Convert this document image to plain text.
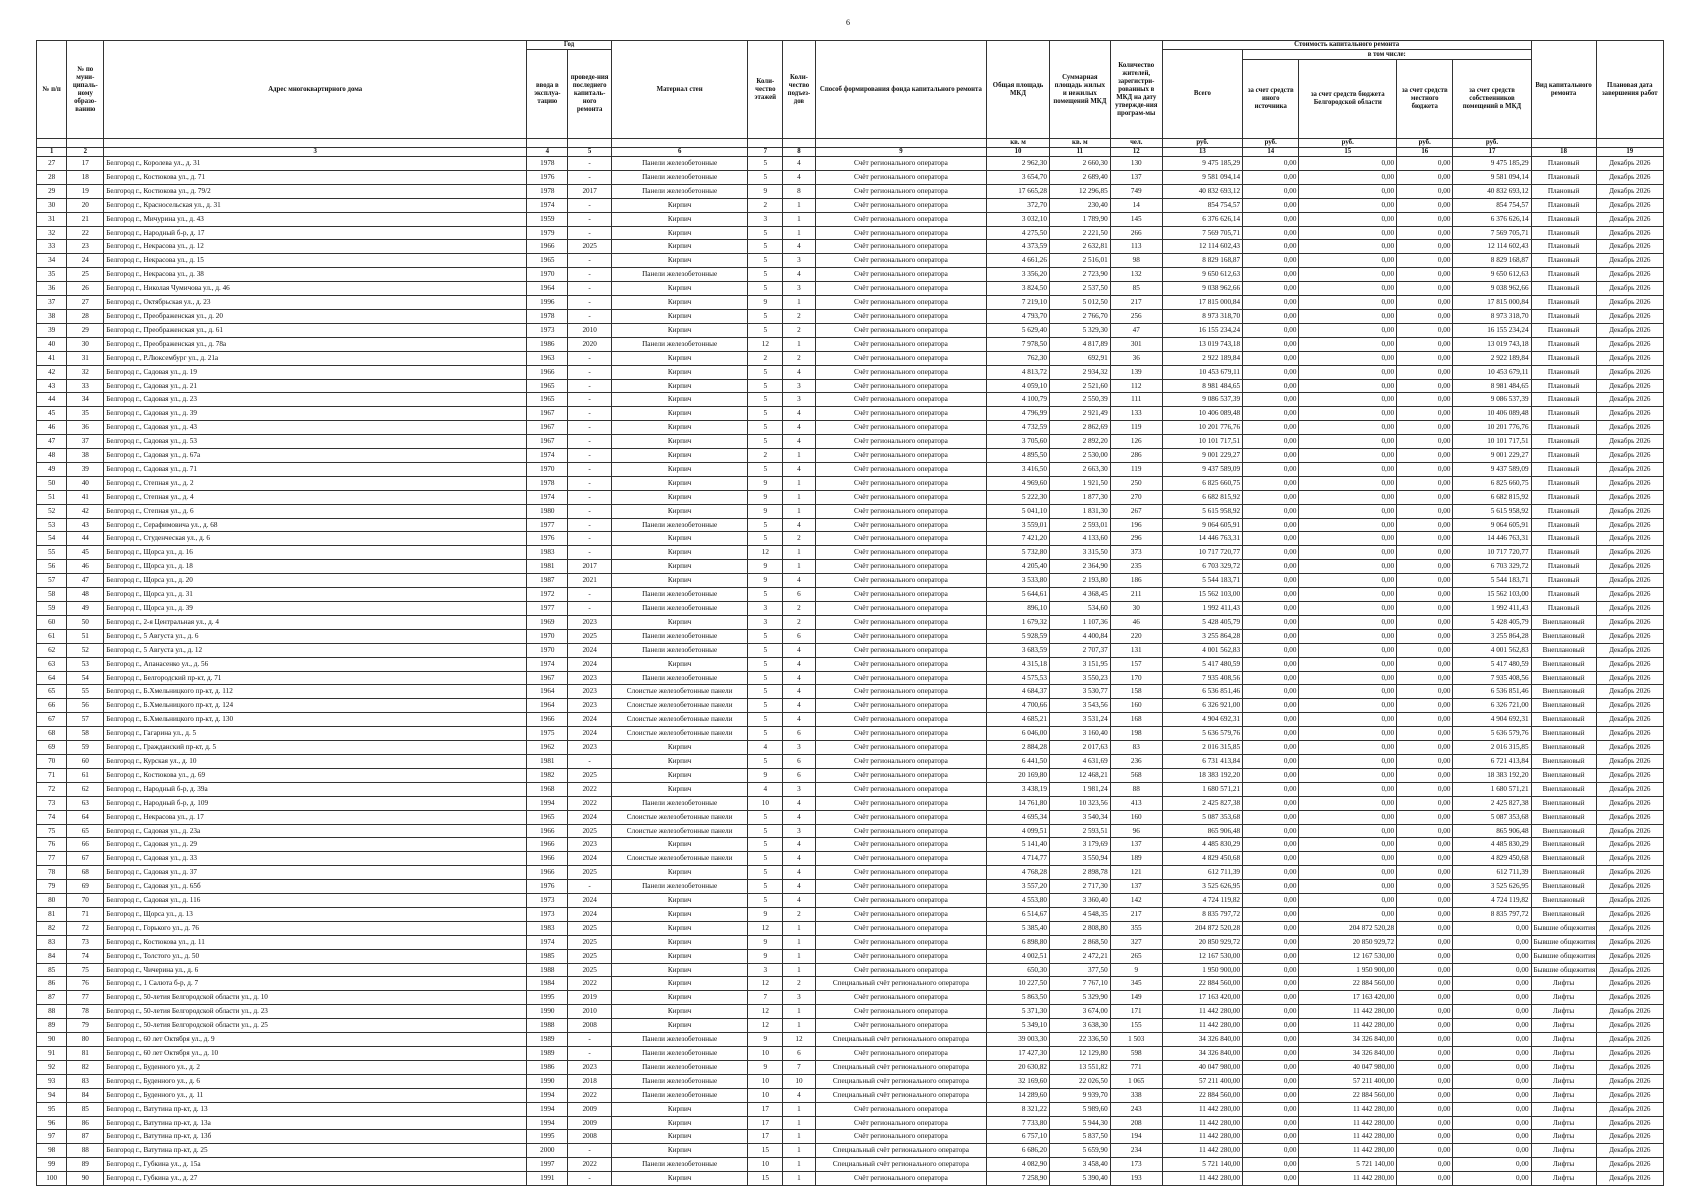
6
№ п/п	№ по муни-ципаль-ному образо-ванию	Адрес многоквартирного дома	Год		Материал стен	Коли-чество этажей	Коли-чество подъез-дов	Способ формирования фонда капитального ремонта	Общая площадь МКД	Суммарная площадь жилых и нежилых помещений МКД	Количество жителей, зарегистри-рованных в МКД на дату утвержде-ния програм-мы	Стоимость капитального ремонта					Вид капитального ремонта	Плановая дата завершения работ
			ввода в эксплуа-тацию	проведе-ния последнего капиталь-ного ремонта								Всего	в том числе:					
													за счет средств иного источника	за счет средств бюджета Белгородской области	за счет средств местного бюджета	за счет средств собственников помещений в МКД		
									кв. м	кв. м	чел.	руб.	руб.	руб.	руб.	руб.		
1	2	3	4	5	6	7	8	9	10	11	12	13	14	15	16	17	18	19
27	17	Белгород г., Королева ул., д. 31	1978	-	Панели железобетонные	5	4	Счёт регионального оператора	2 962,30	2 660,30	130	9 475 185,29	0,00	0,00	0,00	9 475 185,29	Плановый	Декабрь 2026
28	18	Белгород г., Костюкова ул., д. 71	1976	-	Панели железобетонные	5	4	Счёт регионального оператора	3 654,70	2 689,40	137	9 581 094,14	0,00	0,00	0,00	9 581 094,14	Плановый	Декабрь 2026
29	19	Белгород г., Костюкова ул., д. 79/2	1978	2017	Панели железобетонные	9	8	Счёт регионального оператора	17 665,28	12 296,85	749	40 832 693,12	0,00	0,00	0,00	40 832 693,12	Плановый	Декабрь 2026
30	20	Белгород г., Красносельская ул., д. 31	1974	-	Кирпич	2	1	Счёт регионального оператора	372,70	230,40	14	854 754,57	0,00	0,00	0,00	854 754,57	Плановый	Декабрь 2026
31	21	Белгород г., Мичурина ул., д. 43	1959	-	Кирпич	3	1	Счёт регионального оператора	3 032,10	1 789,90	145	6 376 626,14	0,00	0,00	0,00	6 376 626,14	Плановый	Декабрь 2026
32	22	Белгород г., Народный б-р, д. 17	1979	-	Кирпич	5	1	Счёт регионального оператора	4 275,50	2 221,50	266	7 569 705,71	0,00	0,00	0,00	7 569 705,71	Плановый	Декабрь 2026
33	23	Белгород г., Некрасова ул., д. 12	1966	2025	Кирпич	5	4	Счёт регионального оператора	4 373,59	2 632,81	113	12 114 602,43	0,00	0,00	0,00	12 114 602,43	Плановый	Декабрь 2026
34	24	Белгород г., Некрасова ул., д. 15	1965	-	Кирпич	5	3	Счёт регионального оператора	4 661,26	2 516,01	98	8 829 168,87	0,00	0,00	0,00	8 829 168,87	Плановый	Декабрь 2026
35	25	Белгород г., Некрасова ул., д. 38	1970	-	Панели железобетонные	5	4	Счёт регионального оператора	3 356,20	2 723,90	132	9 650 612,63	0,00	0,00	0,00	9 650 612,63	Плановый	Декабрь 2026
36	26	Белгород г., Николая Чумичова ул., д. 46	1964	-	Кирпич	5	3	Счёт регионального оператора	3 824,50	2 537,50	85	9 038 962,66	0,00	0,00	0,00	9 038 962,66	Плановый	Декабрь 2026
37	27	Белгород г., Октябрьская ул., д. 23	1996	-	Кирпич	9	1	Счёт регионального оператора	7 219,10	5 012,50	217	17 815 000,84	0,00	0,00	0,00	17 815 000,84	Плановый	Декабрь 2026
38	28	Белгород г., Преображенская ул., д. 20	1978	-	Кирпич	5	2	Счёт регионального оператора	4 793,70	2 766,70	256	8 973 318,70	0,00	0,00	0,00	8 973 318,70	Плановый	Декабрь 2026
39	29	Белгород г., Преображенская ул., д. 61	1973	2010	Кирпич	5	2	Счёт регионального оператора	5 629,40	5 329,30	47	16 155 234,24	0,00	0,00	0,00	16 155 234,24	Плановый	Декабрь 2026
40	30	Белгород г., Преображенская ул., д. 78а	1986	2020	Панели железобетонные	12	1	Счёт регионального оператора	7 978,50	4 817,89	301	13 019 743,18	0,00	0,00	0,00	13 019 743,18	Плановый	Декабрь 2026
41	31	Белгород г., Р.Люксембург ул., д. 21а	1963	-	Кирпич	2	2	Счёт регионального оператора	762,30	692,91	36	2 922 189,84	0,00	0,00	0,00	2 922 189,84	Плановый	Декабрь 2026
42	32	Белгород г., Садовая ул., д. 19	1966	-	Кирпич	5	4	Счёт регионального оператора	4 813,72	2 934,32	139	10 453 679,11	0,00	0,00	0,00	10 453 679,11	Плановый	Декабрь 2026
43	33	Белгород г., Садовая ул., д. 21	1965	-	Кирпич	5	3	Счёт регионального оператора	4 059,10	2 521,60	112	8 981 484,65	0,00	0,00	0,00	8 981 484,65	Плановый	Декабрь 2026
44	34	Белгород г., Садовая ул., д. 23	1965	-	Кирпич	5	3	Счёт регионального оператора	4 100,79	2 550,39	111	9 086 537,39	0,00	0,00	0,00	9 086 537,39	Плановый	Декабрь 2026
45	35	Белгород г., Садовая ул., д. 39	1967	-	Кирпич	5	4	Счёт регионального оператора	4 796,99	2 921,49	133	10 406 089,48	0,00	0,00	0,00	10 406 089,48	Плановый	Декабрь 2026
46	36	Белгород г., Садовая ул., д. 43	1967	-	Кирпич	5	4	Счёт регионального оператора	4 732,59	2 862,69	119	10 201 776,76	0,00	0,00	0,00	10 201 776,76	Плановый	Декабрь 2026
47	37	Белгород г., Садовая ул., д. 53	1967	-	Кирпич	5	4	Счёт регионального оператора	3 705,60	2 892,20	126	10 101 717,51	0,00	0,00	0,00	10 101 717,51	Плановый	Декабрь 2026
48	38	Белгород г., Садовая ул., д. 67а	1974	-	Кирпич	2	1	Счёт регионального оператора	4 895,50	2 530,00	286	9 001 229,27	0,00	0,00	0,00	9 001 229,27	Плановый	Декабрь 2026
49	39	Белгород г., Садовая ул., д. 71	1970	-	Кирпич	5	4	Счёт регионального оператора	3 416,50	2 663,30	119	9 437 589,09	0,00	0,00	0,00	9 437 589,09	Плановый	Декабрь 2026
50	40	Белгород г., Степная ул., д. 2	1978	-	Кирпич	9	1	Счёт регионального оператора	4 969,60	1 921,50	250	6 825 660,75	0,00	0,00	0,00	6 825 660,75	Плановый	Декабрь 2026
51	41	Белгород г., Степная ул., д. 4	1974	-	Кирпич	9	1	Счёт регионального оператора	5 222,30	1 877,30	270	6 682 815,92	0,00	0,00	0,00	6 682 815,92	Плановый	Декабрь 2026
52	42	Белгород г., Степная ул., д. 6	1980	-	Кирпич	9	1	Счёт регионального оператора	5 041,10	1 831,30	267	5 615 958,92	0,00	0,00	0,00	5 615 958,92	Плановый	Декабрь 2026
53	43	Белгород г., Серафимовича ул., д. 68	1977	-	Панели железобетонные	5	4	Счёт регионального оператора	3 559,01	2 593,01	196	9 064 605,91	0,00	0,00	0,00	9 064 605,91	Плановый	Декабрь 2026
54	44	Белгород г., Студенческая ул., д. 6	1976	-	Кирпич	5	2	Счёт регионального оператора	7 421,20	4 133,60	296	14 446 763,31	0,00	0,00	0,00	14 446 763,31	Плановый	Декабрь 2026
55	45	Белгород г., Щорса ул., д. 16	1983	-	Кирпич	12	1	Счёт регионального оператора	5 732,80	3 315,50	373	10 717 720,77	0,00	0,00	0,00	10 717 720,77	Плановый	Декабрь 2026
56	46	Белгород г., Щорса ул., д. 18	1981	2017	Кирпич	9	1	Счёт регионального оператора	4 205,40	2 364,90	235	6 703 329,72	0,00	0,00	0,00	6 703 329,72	Плановый	Декабрь 2026
57	47	Белгород г., Щорса ул., д. 20	1987	2021	Кирпич	9	4	Счёт регионального оператора	3 533,80	2 193,80	186	5 544 183,71	0,00	0,00	0,00	5 544 183,71	Плановый	Декабрь 2026
58	48	Белгород г., Щорса ул., д. 31	1972	-	Панели железобетонные	5	6	Счёт регионального оператора	5 644,61	4 368,45	211	15 562 103,00	0,00	0,00	0,00	15 562 103,00	Плановый	Декабрь 2026
59	49	Белгород г., Щорса ул., д. 39	1977	-	Панели железобетонные	3	2	Счёт регионального оператора	896,10	534,60	30	1 992 411,43	0,00	0,00	0,00	1 992 411,43	Плановый	Декабрь 2026
60	50	Белгород г., 2-я Центральная ул., д. 4	1969	2023	Кирпич	3	2	Счёт регионального оператора	1 679,32	1 107,36	46	5 428 405,79	0,00	0,00	0,00	5 428 405,79	Внеплановый	Декабрь 2026
61	51	Белгород г., 5 Августа ул., д. 6	1970	2025	Панели железобетонные	5	6	Счёт регионального оператора	5 928,59	4 400,84	220	3 255 864,28	0,00	0,00	0,00	3 255 864,28	Внеплановый	Декабрь 2026
62	52	Белгород г., 5 Августа ул., д. 12	1970	2024	Панели железобетонные	5	4	Счёт регионального оператора	3 683,59	2 707,37	131	4 001 562,83	0,00	0,00	0,00	4 001 562,83	Внеплановый	Декабрь 2026
63	53	Белгород г., Апанасенко ул., д. 56	1974	2024	Кирпич	5	4	Счёт регионального оператора	4 315,18	3 151,95	157	5 417 480,59	0,00	0,00	0,00	5 417 480,59	Внеплановый	Декабрь 2026
64	54	Белгород г., Белгородский пр-кт, д. 71	1967	2023	Панели железобетонные	5	4	Счёт регионального оператора	4 575,53	3 550,23	170	7 935 408,56	0,00	0,00	0,00	7 935 408,56	Внеплановый	Декабрь 2026
65	55	Белгород г., Б.Хмельницкого пр-кт, д. 112	1964	2023	Слоистые железобетонные панели	5	4	Счёт регионального оператора	4 684,37	3 530,77	158	6 536 851,46	0,00	0,00	0,00	6 536 851,46	Внеплановый	Декабрь 2026
66	56	Белгород г., Б.Хмельницкого пр-кт, д. 124	1964	2023	Слоистые железобетонные панели	5	4	Счёт регионального оператора	4 700,66	3 543,56	160	6 326 921,00	0,00	0,00	0,00	6 326 721,00	Внеплановый	Декабрь 2026
67	57	Белгород г., Б.Хмельницкого пр-кт, д. 130	1966	2024	Слоистые железобетонные панели	5	4	Счёт регионального оператора	4 685,21	3 531,24	168	4 904 692,31	0,00	0,00	0,00	4 904 692,31	Внеплановый	Декабрь 2026
68	58	Белгород г., Гагарина ул., д. 5	1975	2024	Слоистые железобетонные панели	5	6	Счёт регионального оператора	6 046,00	3 160,40	198	5 636 579,76	0,00	0,00	0,00	5 636 579,76	Внеплановый	Декабрь 2026
69	59	Белгород г., Гражданский пр-кт, д. 5	1962	2023	Кирпич	4	3	Счёт регионального оператора	2 884,28	2 017,63	83	2 016 315,85	0,00	0,00	0,00	2 016 315,85	Внеплановый	Декабрь 2026
70	60	Белгород г., Курская ул., д. 10	1981	-	Кирпич	5	6	Счёт регионального оператора	6 441,50	4 631,69	236	6 731 413,84	0,00	0,00	0,00	6 721 413,84	Внеплановый	Декабрь 2026
71	61	Белгород г., Костюкова ул., д. 69	1982	2025	Кирпич	9	6	Счёт регионального оператора	20 169,80	12 468,21	568	18 383 192,20	0,00	0,00	0,00	18 383 192,20	Внеплановый	Декабрь 2026
72	62	Белгород г., Народный б-р, д. 39а	1968	2022	Кирпич	4	3	Счёт регионального оператора	3 438,19	1 981,24	88	1 680 571,21	0,00	0,00	0,00	1 680 571,21	Внеплановый	Декабрь 2026
73	63	Белгород г., Народный б-р, д. 109	1994	2022	Панели железобетонные	10	4	Счёт регионального оператора	14 761,80	10 323,56	413	2 425 827,38	0,00	0,00	0,00	2 425 827,38	Внеплановый	Декабрь 2026
74	64	Белгород г., Некрасова ул., д. 17	1965	2024	Слоистые железобетонные панели	5	4	Счёт регионального оператора	4 695,34	3 540,34	160	5 087 353,68	0,00	0,00	0,00	5 087 353,68	Внеплановый	Декабрь 2026
75	65	Белгород г., Садовая ул., д. 23а	1966	2025	Слоистые железобетонные панели	5	3	Счёт регионального оператора	4 099,51	2 593,51	96	865 906,48	0,00	0,00	0,00	865 906,48	Внеплановый	Декабрь 2026
76	66	Белгород г., Садовая ул., д. 29	1966	2023	Кирпич	5	4	Счёт регионального оператора	5 141,40	3 179,69	137	4 485 830,29	0,00	0,00	0,00	4 485 830,29	Внеплановый	Декабрь 2026
77	67	Белгород г., Садовая ул., д. 33	1966	2024	Слоистые железобетонные панели	5	4	Счёт регионального оператора	4 714,77	3 550,94	189	4 829 450,68	0,00	0,00	0,00	4 829 450,68	Внеплановый	Декабрь 2026
78	68	Белгород г., Садовая ул., д. 37	1966	2025	Кирпич	5	4	Счёт регионального оператора	4 768,28	2 898,78	121	612 711,39	0,00	0,00	0,00	612 711,39	Внеплановый	Декабрь 2026
79	69	Белгород г., Садовая ул., д. 65б	1976	-	Панели железобетонные	5	4	Счёт регионального оператора	3 557,20	2 717,30	137	3 525 626,95	0,00	0,00	0,00	3 525 626,95	Внеплановый	Декабрь 2026
80	70	Белгород г., Садовая ул., д. 116	1973	2024	Кирпич	5	4	Счёт регионального оператора	4 553,80	3 360,40	142	4 724 119,82	0,00	0,00	0,00	4 724 119,82	Внеплановый	Декабрь 2026
81	71	Белгород г., Щорса ул., д. 13	1973	2024	Кирпич	9	2	Счёт регионального оператора	6 514,67	4 548,35	217	8 835 797,72	0,00	0,00	0,00	8 835 797,72	Внеплановый	Декабрь 2026
82	72	Белгород г., Горького ул., д. 76	1983	2025	Кирпич	12	1	Счёт регионального оператора	5 385,40	2 808,80	355	204 872 520,28	0,00	204 872 520,28	0,00	0,00	Бывшие общежития	Декабрь 2026
83	73	Белгород г., Костюкова ул., д. 11	1974	2025	Кирпич	9	1	Счёт регионального оператора	6 898,80	2 868,50	327	20 850 929,72	0,00	20 850 929,72	0,00	0,00	Бывшие общежития	Декабрь 2026
84	74	Белгород г., Толстого ул., д. 50	1985	2025	Кирпич	9	1	Счёт регионального оператора	4 002,51	2 472,21	265	12 167 530,00	0,00	12 167 530,00	0,00	0,00	Бывшие общежития	Декабрь 2026
85	75	Белгород г., Чичерина ул., д. 6	1988	2025	Кирпич	3	1	Счёт регионального оператора	650,30	377,50	9	1 950 900,00	0,00	1 950 900,00	0,00	0,00	Бывшие общежития	Декабрь 2026
86	76	Белгород г., 1 Салюта б-р, д. 7	1984	2022	Кирпич	12	2	Специальный счёт регионального оператора	10 227,50	7 767,10	345	22 884 560,00	0,00	22 884 560,00	0,00	0,00	Лифты	Декабрь 2026
87	77	Белгород г., 50-летия Белгородской области ул., д. 10	1995	2019	Кирпич	7	3	Счёт регионального оператора	5 863,50	5 329,90	149	17 163 420,00	0,00	17 163 420,00	0,00	0,00	Лифты	Декабрь 2026
88	78	Белгород г., 50-летия Белгородской области ул., д. 23	1990	2010	Кирпич	12	1	Счёт регионального оператора	5 371,30	3 674,00	171	11 442 280,00	0,00	11 442 280,00	0,00	0,00	Лифты	Декабрь 2026
89	79	Белгород г., 50-летия Белгородской области ул., д. 25	1988	2008	Кирпич	12	1	Счёт регионального оператора	5 349,10	3 638,30	155	11 442 280,00	0,00	11 442 280,00	0,00	0,00	Лифты	Декабрь 2026
90	80	Белгород г., 60 лет Октября ул., д. 9	1989	-	Панели железобетонные	9	12	Специальный счёт регионального оператора	39 003,30	22 336,50	1 503	34 326 840,00	0,00	34 326 840,00	0,00	0,00	Лифты	Декабрь 2026
91	81	Белгород г., 60 лет Октября ул., д. 10	1989	-	Панели железобетонные	10	6	Счёт регионального оператора	17 427,30	12 129,80	598	34 326 840,00	0,00	34 326 840,00	0,00	0,00	Лифты	Декабрь 2026
92	82	Белгород г., Буденного ул., д. 2	1986	2023	Панели железобетонные	9	7	Специальный счёт регионального оператора	20 630,82	13 551,82	771	40 047 980,00	0,00	40 047 980,00	0,00	0,00	Лифты	Декабрь 2026
93	83	Белгород г., Буденного ул., д. 6	1990	2018	Панели железобетонные	10	10	Специальный счёт регионального оператора	32 169,60	22 026,50	1 065	57 211 400,00	0,00	57 211 400,00	0,00	0,00	Лифты	Декабрь 2026
94	84	Белгород г., Буденного ул., д. 11	1994	2022	Панели железобетонные	10	4	Специальный счёт регионального оператора	14 289,60	9 939,70	338	22 884 560,00	0,00	22 884 560,00	0,00	0,00	Лифты	Декабрь 2026
95	85	Белгород г., Ватутина пр-кт, д. 13	1994	2009	Кирпич	17	1	Счёт регионального оператора	8 321,22	5 989,60	243	11 442 280,00	0,00	11 442 280,00	0,00	0,00	Лифты	Декабрь 2026
96	86	Белгород г., Ватутина пр-кт, д. 13а	1994	2009	Кирпич	17	1	Счёт регионального оператора	7 733,80	5 944,30	208	11 442 280,00	0,00	11 442 280,00	0,00	0,00	Лифты	Декабрь 2026
97	87	Белгород г., Ватутина пр-кт, д. 13б	1995	2008	Кирпич	17	1	Счёт регионального оператора	6 757,10	5 837,50	194	11 442 280,00	0,00	11 442 280,00	0,00	0,00	Лифты	Декабрь 2026
98	88	Белгород г., Ватутина пр-кт, д. 25	2000	-	Кирпич	15	1	Специальный счёт регионального оператора	6 686,20	5 659,90	234	11 442 280,00	0,00	11 442 280,00	0,00	0,00	Лифты	Декабрь 2026
99	89	Белгород г., Губкина ул., д. 15а	1997	2022	Панели железобетонные	10	1	Специальный счёт регионального оператора	4 082,90	3 458,40	173	5 721 140,00	0,00	5 721 140,00	0,00	0,00	Лифты	Декабрь 2026
100	90	Белгород г., Губкина ул., д. 27	1991	-	Кирпич	15	1	Счёт регионального оператора	7 258,90	5 390,40	193	11 442 280,00	0,00	11 442 280,00	0,00	0,00	Лифты	Декабрь 2026
